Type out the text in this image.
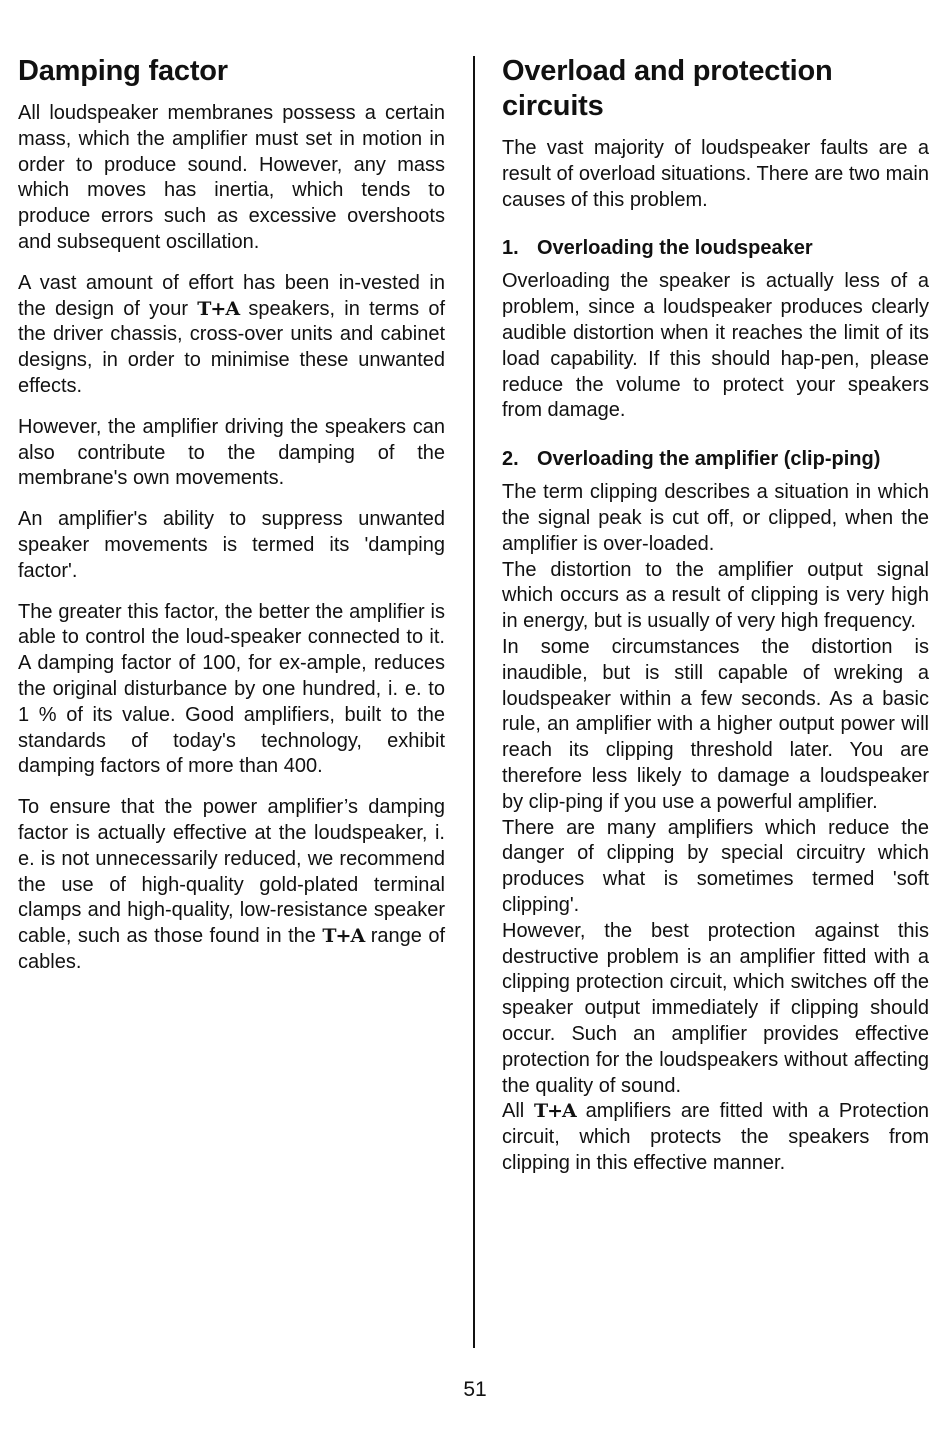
Damping factor

All loudspeaker membranes possess a certain mass, which the amplifier must set in motion in order to produce sound. However, any mass which moves has inertia, which tends to produce errors such as excessive overshoots and subsequent oscillation.

A vast amount of effort has been in-vested in the design of your T+A speakers, in terms of the driver chassis, cross-over units and cabinet designs, in order to minimise these unwanted effects.

However, the amplifier driving the speakers can also contribute to the damping of the membrane's own movements.

An amplifier's ability to suppress unwanted speaker movements is termed its 'damping factor'.

The greater this factor, the better the amplifier is able to control the loud-speaker connected to it. A damping factor of 100, for ex-ample, reduces the original disturbance by one hundred, i. e. to 1 % of its value. Good amplifiers, built to the standards of today's technology, exhibit damping factors of more than 400.

To ensure that the power amplifier’s damping factor is actually effective at the loudspeaker, i. e. is not unnecessarily reduced, we recommend the use of high-quality gold-plated terminal clamps and high-quality, low-resistance speaker cable, such as those found in the T+A range of cables.

Overload and protection circuits

The vast majority of loudspeaker faults are a result of overload situations. There are two main causes of this problem.

1. Overloading the loudspeaker

Overloading the speaker is actually less of a problem, since a loudspeaker produces clearly audible distortion when it reaches the limit of its load capability. If this should hap-pen, please reduce the volume to protect your speakers from damage.

2. Overloading the amplifier (clip-ping)

The term clipping describes a situation in which the signal peak is cut off, or clipped, when the amplifier is over-loaded.

The distortion to the amplifier output signal which occurs as a result of clipping is very high in energy, but is usually of very high frequency.

In some circumstances the distortion is inaudible, but is still capable of wreking a loudspeaker within a few seconds. As a basic rule, an amplifier with a higher output power will reach its clipping threshold later. You are therefore less likely to damage a loudspeaker by clip-ping if you use a powerful amplifier.

There are many amplifiers which reduce the danger of clipping by special circuitry which produces what is sometimes termed 'soft clipping'.

However, the best protection against this destructive problem is an amplifier fitted with a clipping protection circuit, which switches off the speaker output immediately if clipping should occur. Such an amplifier provides effective protection for the loudspeakers without affecting the quality of sound.

All T+A amplifiers are fitted with a Protection circuit, which protects the speakers from clipping in this effective manner.

51
